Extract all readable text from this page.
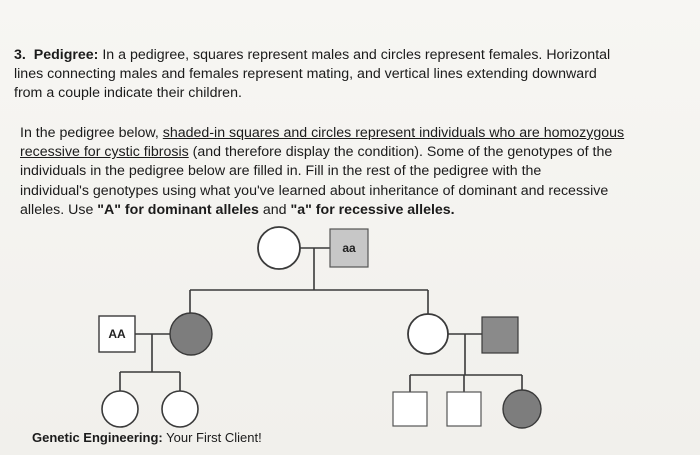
3. Pedigree: In a pedigree, squares represent males and circles represent females. Horizontal
lines connecting males and females represent mating, and vertical lines extending downward
from a couple indicate their children.
In the pedigree below, shaded-in squares and circles represent individuals who are homozygous
recessive for cystic fibrosis (and therefore display the condition). Some of the genotypes of the
individuals in the pedigree below are filled in. Fill in the rest of the pedigree with the
individual's genotypes using what you've learned about inheritance of dominant and recessive
alleles. Use "A" for dominant alleles and "a" for recessive alleles.
aa
AA
Genetic Engineering: Your First Client!
